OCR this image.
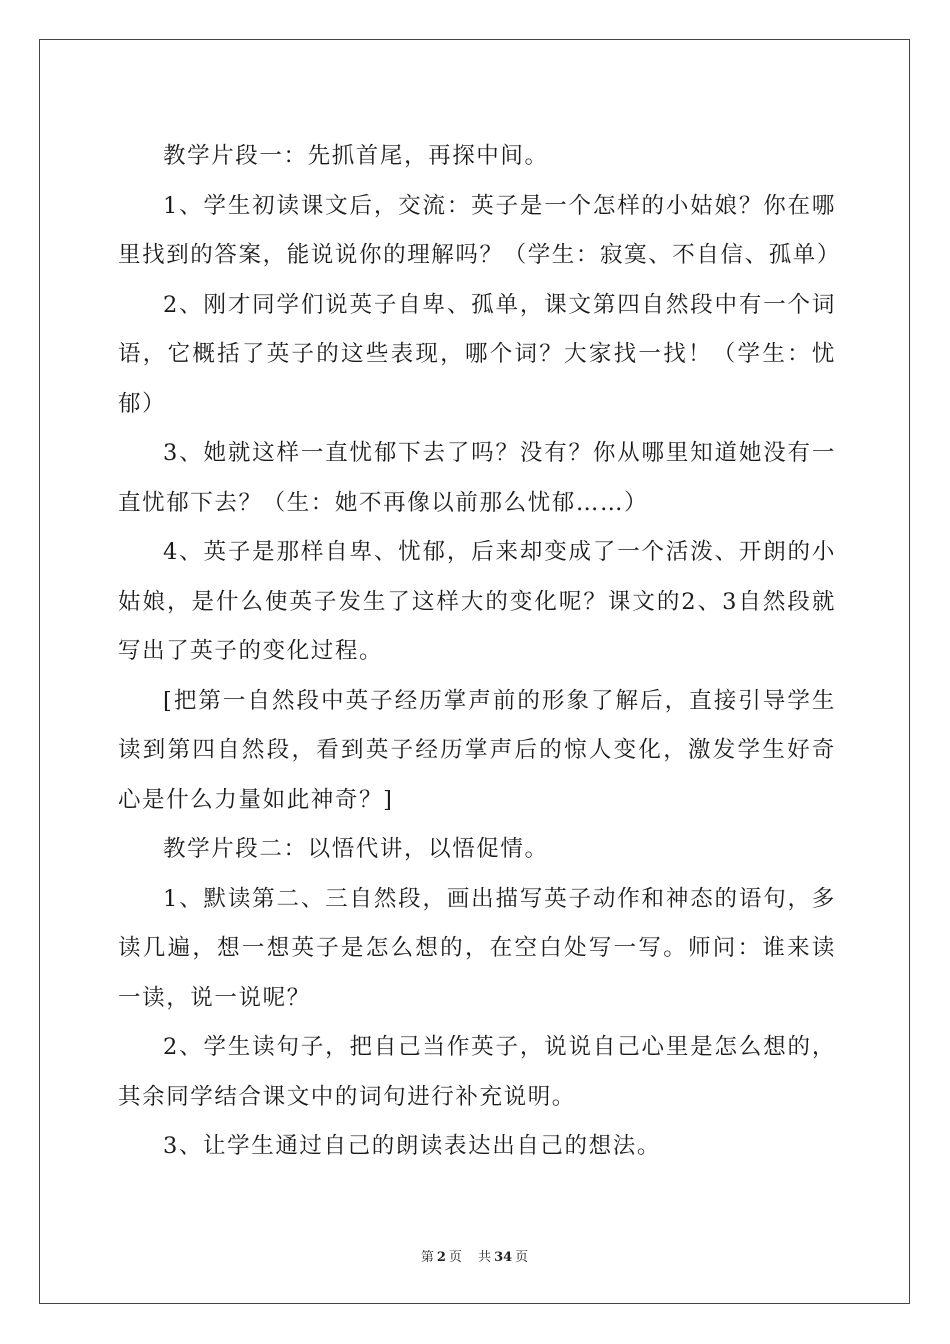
教学片段一：先抓首尾，再探中间。

1、学生初读课文后，交流：英子是一个怎样的小姑娘？你在哪里找到的答案，能说说你的理解吗？（学生：寂寞、不自信、孤单）

2、刚才同学们说英子自卑、孤单，课文第四自然段中有一个词语，它概括了英子的这些表现，哪个词？大家找一找！（学生：忧郁）

3、她就这样一直忧郁下去了吗？没有？你从哪里知道她没有一直忧郁下去？（生：她不再像以前那么忧郁……）

4、英子是那样自卑、忧郁，后来却变成了一个活泼、开朗的小姑娘，是什么使英子发生了这样大的变化呢？课文的2、3自然段就写出了英子的变化过程。

[把第一自然段中英子经历掌声前的形象了解后，直接引导学生读到第四自然段，看到英子经历掌声后的惊人变化，激发学生好奇心是什么力量如此神奇？]

教学片段二：以悟代讲，以悟促情。

1、默读第二、三自然段，画出描写英子动作和神态的语句，多读几遍，想一想英子是怎么想的，在空白处写一写。师问：谁来读一读，说一说呢？

2、学生读句子，把自己当作英子，说说自己心里是怎么想的，其余同学结合课文中的词句进行补充说明。

3、让学生通过自己的朗读表达出自己的想法。

第 2 页 共 34 页
